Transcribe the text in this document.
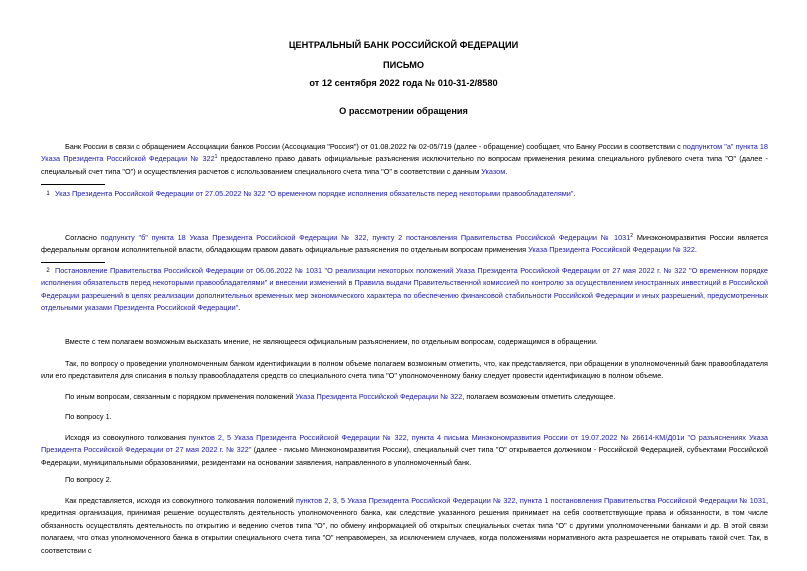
ЦЕНТРАЛЬНЫЙ БАНК РОССИЙСКОЙ ФЕДЕРАЦИИ
ПИСЬМО
от 12 сентября 2022 года № 010-31-2/8580
О рассмотрении обращения

Банк России в связи с обращением Ассоциации банков России (Ассоциация "Россия") от 01.08.2022 № 02-05/719 (далее - обращение) сообщает, что Банку России в соответствии с подпунктом "а" пункта 18 Указа Президента Российской Федерации № $322^1$ предоставлено право давать официальные разъяснения исключительно по вопросам применения режима специального рублевого счета типа "О" (далее - специальный счет типа "О") и осуществления расчетов с использованием специального счета типа "О" в соответствии с данным Указом.

1 Указ Президента Российской Федерации от 27.05.2022 № 322 "О временном порядке исполнения обязательств перед некоторыми правообладателями".

Согласно подпункту "б" пункта 18 Указа Президента Российской Федерации № 322, пункту 2 постановления Правительства Российской Федерации № 1031$^2$ Минэкономразвития России является федеральным органом исполнительной власти, обладающим правом давать официальные разъяснения по отдельным вопросам применения Указа Президента Российской Федерации № 322.

2 Постановление Правительства Российской Федерации от 06.06.2022 № 1031 "О реализации некоторых положений Указа Президента Российской Федерации от 27 мая 2022 г. № 322 "О временном порядке исполнения обязательств перед некоторыми правообладателями" и внесении изменений в Правила выдачи Правительственной комиссией по контролю за осуществлением иностранных инвестиций в Российской Федерации разрешений в целях реализации дополнительных временных мер экономического характера по обеспечению финансовой стабильности Российской Федерации и иных разрешений, предусмотренных отдельными указами Президента Российской Федерации".

Вместе с тем полагаем возможным высказать мнение, не являющееся официальным разъяснением, по отдельным вопросам, содержащимся в обращении.

Так, по вопросу о проведении уполномоченным банком идентификации в полном объеме полагаем возможным отметить, что, как представляется, при обращении в уполномоченный банк правообладателя или его представителя для списания в пользу правообладателя средств со специального счета типа "О" уполномоченному банку следует провести идентификацию в полном объеме.

По иным вопросам, связанным с порядком применения положений Указа Президента Российской Федерации № 322, полагаем возможным отметить следующее.

По вопросу 1.

Исходя из совокупного толкования пунктов 2, 5 Указа Президента Российской Федерации № 322, пункта 4 письма Минэкономразвития России от 19.07.2022 № 26614-КМ/Д01и "О разъяснениях Указа Президента Российской Федерации от 27 мая 2022 г. № 322" (далее - письмо Минэкономразвития России), специальный счет типа "О" открывается должником - Российской Федерацией, субъектами Российской Федерации, муниципальными образованиями, резидентами на основании заявления, направленного в уполномоченный банк.

По вопросу 2.

Как представляется, исходя из совокупного толкования положений пунктов 2, 3, 5 Указа Президента Российской Федерации № 322, пункта 1 постановления Правительства Российской Федерации № 1031, кредитная организация, принимая решение осуществлять деятельность уполномоченного банка, как следствие указанного решения принимает на себя соответствующие права и обязанности, в том числе обязанность осуществлять деятельность по открытию и ведению счетов типа "О", по обмену информацией об открытых специальных счетах типа "О" с другими уполномоченными банками и др. В этой связи полагаем, что отказ уполномоченного банка в открытии специального счета типа "О" неправомерен, за исключением случаев, когда положениями нормативного акта разрешается не открывать такой счет. Так, в соответствии с
